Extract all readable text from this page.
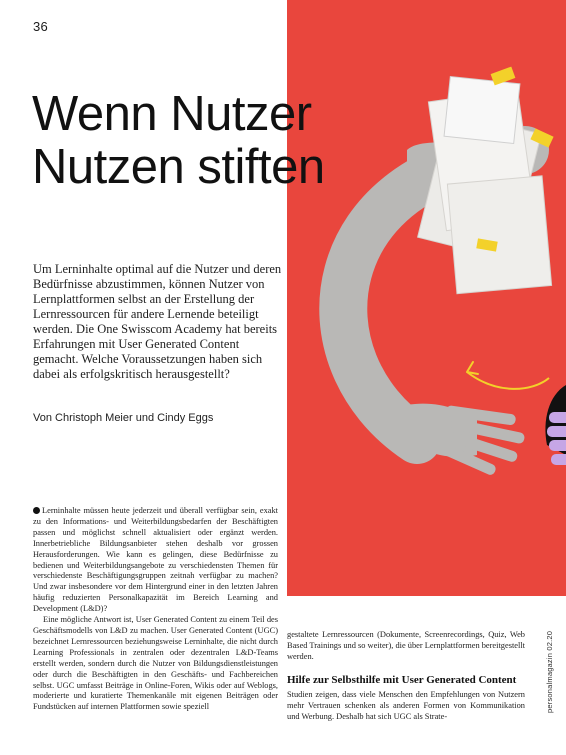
36
Wenn Nutzer
Nutzen stiften

Um Lerninhalte optimal auf die Nutzer und deren Bedürfnisse abzustimmen, können Nutzer von Lernplattformen selbst an der Erstellung der Lernressourcen für andere Lernende beteiligt werden. Die One Swisscom Academy hat bereits Erfahrungen mit User Generated Content gemacht. Welche Voraussetzungen haben sich dabei als erfolgskritisch herausgestellt?

Von Christoph Meier und Cindy Eggs

Lerninhalte müssen heute jederzeit und überall verfügbar sein, exakt zu den Informations- und Weiterbildungsbedarfen der Beschäftigten passen und möglichst schnell aktualisiert oder ergänzt werden. Innerbetriebliche Bildungsanbieter stehen deshalb vor grossen Herausforderungen. Wie kann es gelingen, diese Bedürfnisse zu bedienen und Weiterbildungsangebote zu verschiedensten Themen für verschiedenste Beschäftigungsgruppen zeitnah verfügbar zu machen? Und zwar insbesondere vor dem Hintergrund einer in den letzten Jahren häufig reduzierten Personalkapazität im Bereich Learning and Development (L&D)?

Eine mögliche Antwort ist, User Generated Content zu einem Teil des Geschäftsmodells von L&D zu machen. User Generated Content (UGC) bezeichnet Lernressourcen beziehungsweise Lerninhalte, die nicht durch Learning Professionals in zentralen oder dezentralen L&D-Teams erstellt werden, sondern durch die Nutzer von Bildungsdienstleistungen oder durch die Beschäftigten in den Geschäfts- und Fachbereichen selbst. UGC umfasst Beiträge in Online-Foren, Wikis oder auf Weblogs, moderierte und kuratierte Themenkanäle mit eigenen Beiträgen oder Fundstücken auf internen Plattformen sowie speziell

gestaltete Lernressourcen (Dokumente, Screenrecordings, Quiz, Web Based Trainings und so weiter), die über Lernplattformen bereitgestellt werden.

Hilfe zur Selbsthilfe mit User Generated Content

Studien zeigen, dass viele Menschen den Empfehlungen von Nutzern mehr Vertrauen schenken als anderen Formen von Kommunikation und Werbung. Deshalb hat sich UGC als Strate-

personalmagazin 02.20
